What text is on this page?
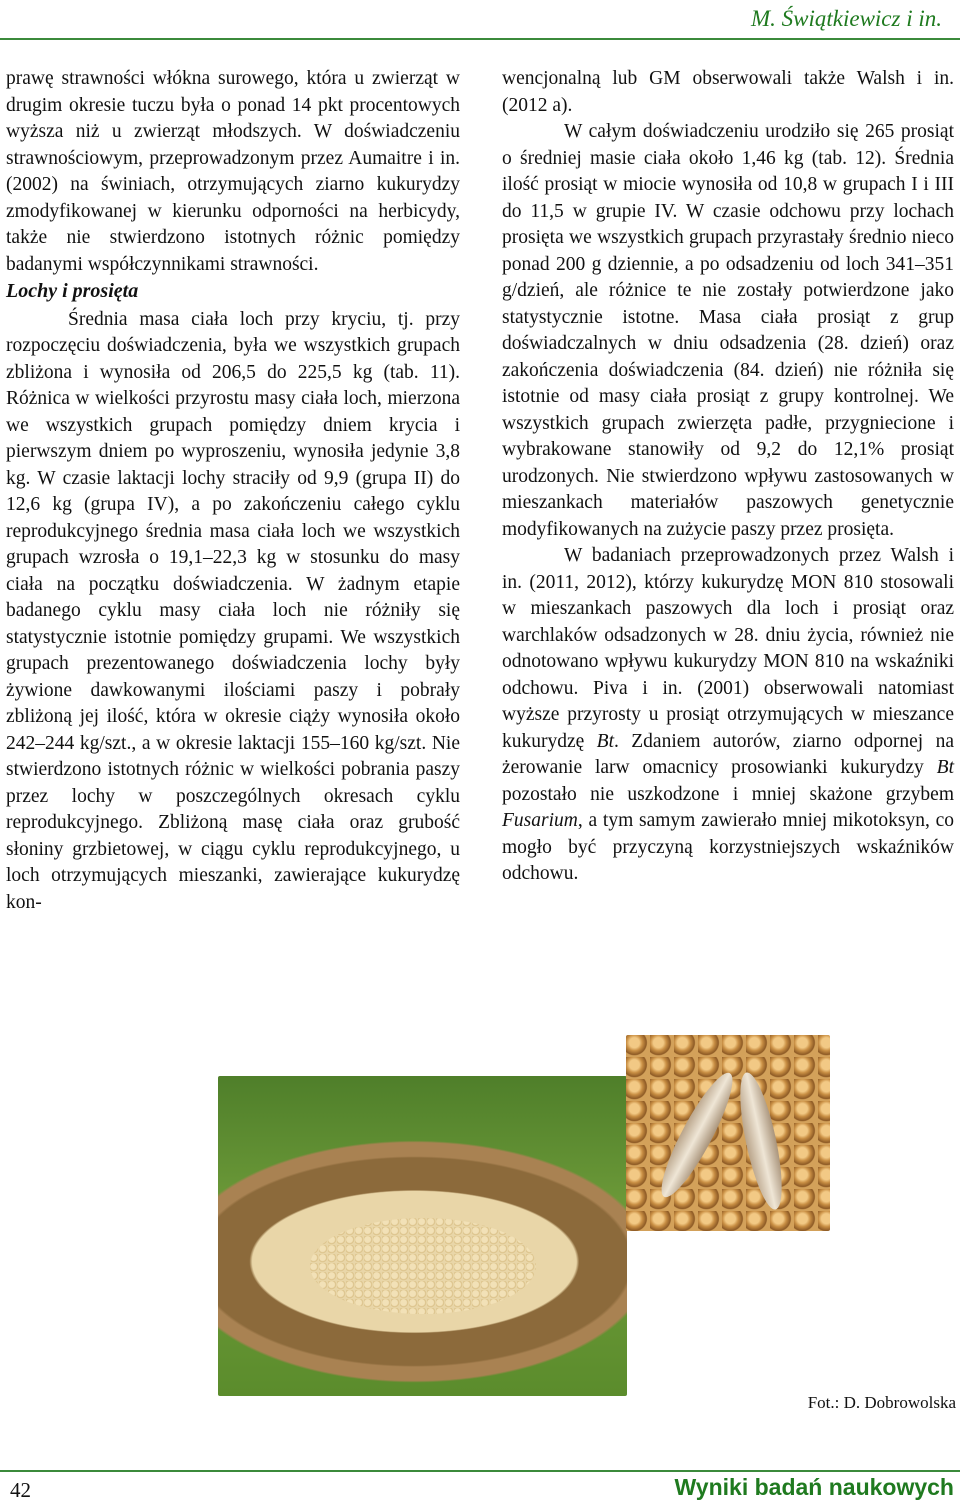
M. Świątkiewicz i in.

prawę strawności włókna surowego, która u zwierząt w drugim okresie tuczu była o ponad 14 pkt procentowych wyższa niż u zwierząt młodszych. W doświadczeniu strawnościowym, przeprowadzonym przez Aumaitre i in. (2002) na świniach, otrzymujących ziarno kukurydzy zmodyfikowanej w kierunku odporności na herbicydy, także nie stwierdzono istotnych różnic pomiędzy badanymi współczynnikami strawności.

Lochy i prosięta

Średnia masa ciała loch przy kryciu, tj. przy rozpoczęciu doświadczenia, była we wszystkich grupach zbliżona i wynosiła od 206,5 do 225,5 kg (tab. 11). Różnica w wielkości przyrostu masy ciała loch, mierzona we wszystkich grupach pomiędzy dniem krycia i pierwszym dniem po wyproszeniu, wynosiła jedynie 3,8 kg. W czasie laktacji lochy straciły od 9,9 (grupa II) do 12,6 kg (grupa IV), a po zakończeniu całego cyklu reprodukcyjnego średnia masa ciała loch we wszystkich grupach wzrosła o 19,1–22,3 kg w stosunku do masy ciała na początku doświadczenia. W żadnym etapie badanego cyklu masy ciała loch nie różniły się statystycznie istotnie pomiędzy grupami. We wszystkich grupach prezentowanego doświadczenia lochy były żywione dawkowanymi ilościami paszy i pobrały zbliżoną jej ilość, która w okresie ciąży wynosiła około 242–244 kg/szt., a w okresie laktacji 155–160 kg/szt. Nie stwierdzono istotnych różnic w wielkości pobrania paszy przez lochy w poszczególnych okresach cyklu reprodukcyjnego. Zbliżoną masę ciała oraz grubość słoniny grzbietowej, w ciągu cyklu reprodukcyjnego, u loch otrzymujących mieszanki, zawierające kukurydzę kon-

wencjonalną lub GM obserwowali także Walsh i in. (2012 a).

W całym doświadczeniu urodziło się 265 prosiąt o średniej masie ciała około 1,46 kg (tab. 12). Średnia ilość prosiąt w miocie wynosiła od 10,8 w grupach I i III do 11,5 w grupie IV. W czasie odchowu przy lochach prosięta we wszystkich grupach przyrastały średnio nieco ponad 200 g dziennie, a po odsadzeniu od loch 341–351 g/dzień, ale różnice te nie zostały potwierdzone jako statystycznie istotne. Masa ciała prosiąt z grup doświadczalnych w dniu odsadzenia (28. dzień) oraz zakończenia doświadczenia (84. dzień) nie różniła się istotnie od masy ciała prosiąt z grupy kontrolnej. We wszystkich grupach zwierzęta padłe, przygniecione i wybrakowane stanowiły od 9,2 do 12,1% prosiąt urodzonych. Nie stwierdzono wpływu zastosowanych w mieszankach materiałów paszowych genetycznie modyfikowanych na zużycie paszy przez prosięta.

W badaniach przeprowadzonych przez Walsh i in. (2011, 2012), którzy kukurydzę MON 810 stosowali w mieszankach paszowych dla loch i prosiąt oraz warchlaków odsadzonych w 28. dniu życia, również nie odnotowano wpływu kukurydzy MON 810 na wskaźniki odchowu. Piva i in. (2001) obserwowali natomiast wyższe przyrosty u prosiąt otrzymujących w mieszance kukurydzę Bt. Zdaniem autorów, ziarno odpornej na żerowanie larw omacnicy prosowianki kukurydzy Bt pozostało nie uszkodzone i mniej skażone grzybem Fusarium, a tym samym zawierało mniej mikotoksyn, co mogło być przyczyną korzystniejszych wskaźników odchowu.

Fot.: D. Dobrowolska
42	Wyniki badań naukowych
